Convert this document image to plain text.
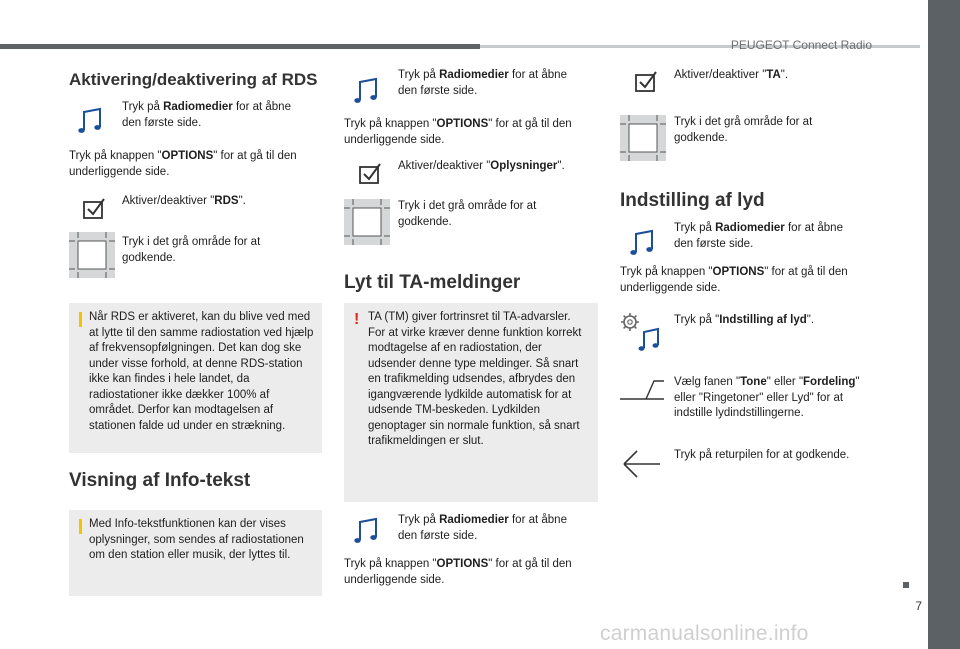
PEUGEOT Connect Radio
7
carmanualsonline.info
Aktivering/deaktivering af RDS
Tryk på Radiomedier for at åbne den første side.
Tryk på knappen "OPTIONS" for at gå til den underliggende side.
Aktiver/deaktiver "RDS".
Tryk i det grå område for at godkende.
Når RDS er aktiveret, kan du blive ved med at lytte til den samme radiostation ved hjælp af frekvensopfølgningen. Det kan dog ske under visse forhold, at denne RDS-station ikke kan findes i hele landet, da radiostationer ikke dækker 100% af området. Derfor kan modtagelsen af stationen falde ud under en strækning.
Visning af Info-tekst
Med Info-tekstfunktionen kan der vises oplysninger, som sendes af radiostationen om den station eller musik, der lyttes til.
Tryk på Radiomedier for at åbne den første side.
Tryk på knappen "OPTIONS" for at gå til den underliggende side.
Aktiver/deaktiver "Oplysninger".
Tryk i det grå område for at godkende.
Lyt til TA-meldinger
! TA (TM) giver fortrinsret til TA-advarsler. For at virke kræver denne funktion korrekt modtagelse af en radiostation, der udsender denne type meldinger. Så snart en trafikmelding udsendes, afbrydes den igangværende lydkilde automatisk for at udsende TM-beskeden. Lydkilden genoptager sin normale funktion, så snart trafikmeldingen er slut.
Tryk på Radiomedier for at åbne den første side.
Tryk på knappen "OPTIONS" for at gå til den underliggende side.
Aktiver/deaktiver "TA".
Tryk i det grå område for at godkende.
Indstilling af lyd
Tryk på Radiomedier for at åbne den første side.
Tryk på knappen "OPTIONS" for at gå til den underliggende side.
Tryk på "Indstilling af lyd".
Vælg fanen "Tone" eller "Fordeling" eller "Ringetoner" eller Lyd" for at indstille lydindstillingerne.
Tryk på returpilen for at godkende.
